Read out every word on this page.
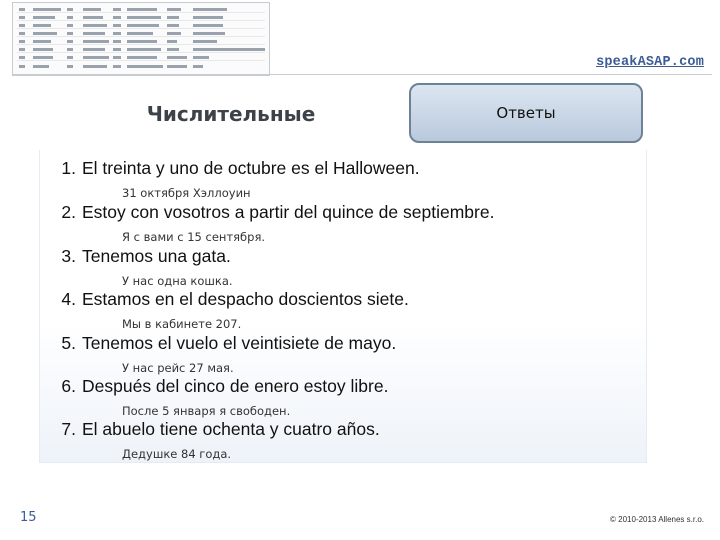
speakASAP.com
Числительные	Ответы
1. El treinta y uno de octubre es el Halloween.
31 октября Хэллоуин
2. Estoy con vosotros a partir del quince de septiembre.
Я с вами с 15 сентября.
3. Tenemos una gata.
У нас одна кошка.
4. Estamos en el despacho doscientos siete.
Мы в кабинете 207.
5. Tenemos el vuelo el veintisiete de mayo.
У нас рейс 27 мая.
6. Después del cinco de enero estoy libre.
После 5 января я свободен.
7. El abuelo tiene ochenta y cuatro años.
Дедушке 84 года.
15	© 2010-2013 Allenes s.r.o.
